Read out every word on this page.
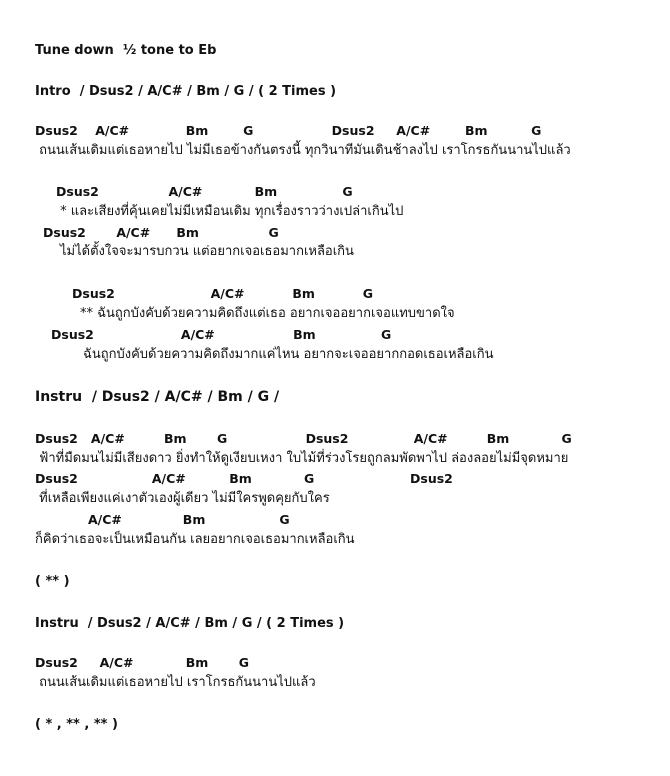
Tune down  ½ tone to Eb
Intro  / Dsus2 / A/C# / Bm / G / ( 2 Times )
Dsus2    A/C#             Bm        G                  Dsus2     A/C#        Bm          G
ถนนเส้นเดิมแต่เธอหายไป ไม่มีเธอข้างกันตรงนี้ ทุกวินาทีมันเดินช้าลงไป เราโกรธกันนานไปแล้ว
Dsus2                A/C#            Bm               G
* และเสียงที่คุ้นเคยไม่มีเหมือนเดิม ทุกเรื่องราวว่างเปล่าเกินไป
Dsus2       A/C#      Bm                G
ไม่ได้ตั้งใจจะมารบกวน แต่อยากเจอเธอมากเหลือเกิน
Dsus2                      A/C#           Bm           G
** ฉันถูกบังคับด้วยความคิดถึงแต่เธอ อยากเจออยากเจอแทบขาดใจ
Dsus2                    A/C#                  Bm               G
ฉันถูกบังคับด้วยความคิดถึงมากแค่ไหน อยากจะเจออยากกอดเธอเหลือเกิน
Instru  / Dsus2 / A/C# / Bm / G /
Dsus2   A/C#         Bm       G                  Dsus2               A/C#         Bm            G
ฟ้าที่มืดมนไม่มีเสียงดาว ยิ่งทำให้ดูเงียบเหงา ใบไม้ที่ร่วงโรยถูกลมพัดพาไป ล่องลอยไม่มีจุดหมาย
Dsus2                 A/C#          Bm            G                      Dsus2
ที่เหลือเพียงแค่เงาตัวเองผู้เดียว ไม่มีใครพูดคุยกับใคร
A/C#              Bm                 G
ก็คิดว่าเธอจะเป็นเหมือนกัน เลยอยากเจอเธอมากเหลือเกิน
( ** )
Instru  / Dsus2 / A/C# / Bm / G / ( 2 Times )
Dsus2     A/C#            Bm       G
ถนนเส้นเดิมแต่เธอหายไป เราโกรธกันนานไปแล้ว
( * , ** , ** )
